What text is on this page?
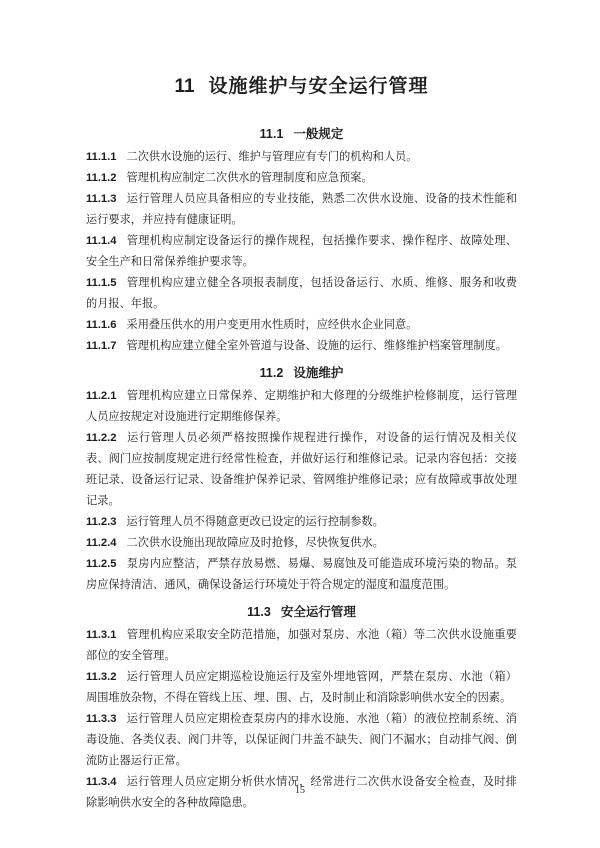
11 设施维护与安全运行管理
11.1 一般规定

11.1.1 二次供水设施的运行、维护与管理应有专门的机构和人员。

11.1.2 管理机构应制定二次供水的管理制度和应急预案。

11.1.3 运行管理人员应具备相应的专业技能，熟悉二次供水设施、设备的技术性能和运行要求，并应持有健康证明。

11.1.4 管理机构应制定设备运行的操作规程，包括操作要求、操作程序、故障处理、安全生产和日常保养维护要求等。

11.1.5 管理机构应建立健全各项报表制度，包括设备运行、水质、维修、服务和收费的月报、年报。

11.1.6 采用叠压供水的用户变更用水性质时，应经供水企业同意。

11.1.7 管理机构应建立健全室外管道与设备、设施的运行、维修维护档案管理制度。

11.2 设施维护

11.2.1 管理机构应建立日常保养、定期维护和大修理的分级维护检修制度，运行管理人员应按规定对设施进行定期维修保养。

11.2.2 运行管理人员必须严格按照操作规程进行操作，对设备的运行情况及相关仪表、阀门应按制度规定进行经常性检查，并做好运行和维修记录。记录内容包括：交接班记录、设备运行记录、设备维护保养记录、管网维护维修记录；应有故障或事故处理记录。

11.2.3 运行管理人员不得随意更改已设定的运行控制参数。

11.2.4 二次供水设施出现故障应及时抢修，尽快恢复供水。

11.2.5 泵房内应整洁，严禁存放易燃、易爆、易腐蚀及可能造成环境污染的物品。泵房应保持清洁、通风，确保设备运行环境处于符合规定的湿度和温度范围。

11.3 安全运行管理

11.3.1 管理机构应采取安全防范措施，加强对泵房、水池（箱）等二次供水设施重要部位的安全管理。

11.3.2 运行管理人员应定期巡检设施运行及室外埋地管网，严禁在泵房、水池（箱）周围堆放杂物，不得在管线上压、埋、围、占，及时制止和消除影响供水安全的因素。

11.3.3 运行管理人员应定期检查泵房内的排水设施、水池（箱）的液位控制系统、消毒设施、各类仪表、阀门井等，以保证阀门井盖不缺失、阀门不漏水；自动排气阀、倒流防止器运行正常。

11.3.4 运行管理人员应定期分析供水情况，经常进行二次供水设备安全检查，及时排除影响供水安全的各种故障隐患。

15
